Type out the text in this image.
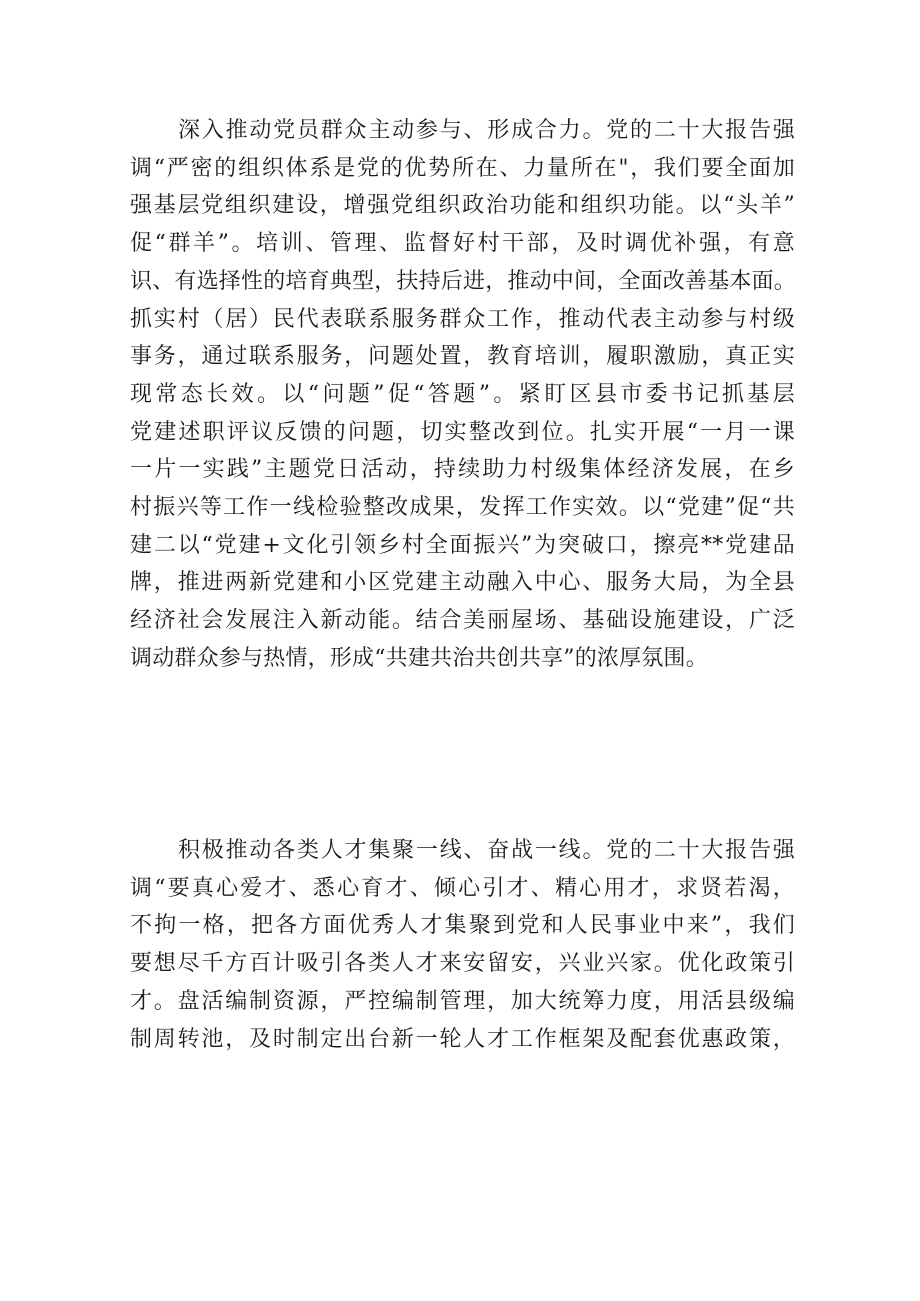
深入推动党员群众主动参与、形成合力。党的二十大报告强
调“严密的组织体系是党的优势所在、力量所在"，我们要全面加
强基层党组织建设，增强党组织政治功能和组织功能。以“头羊”
促“群羊”。培训、管理、监督好村干部，及时调优补强，有意
识、有选择性的培育典型，扶持后进，推动中间，全面改善基本面。
抓实村（居）民代表联系服务群众工作，推动代表主动参与村级
事务，通过联系服务，问题处置，教育培训，履职激励，真正实
现常态长效。以“问题”促“答题”。紧盯区县市委书记抓基层
党建述职评议反馈的问题，切实整改到位。扎实开展“一月一课
一片一实践”主题党日活动，持续助力村级集体经济发展，在乡
村振兴等工作一线检验整改成果，发挥工作实效。以“党建”促“共
建二以“党建+文化引领乡村全面振兴”为突破口，擦亮**党建品
牌，推进两新党建和小区党建主动融入中心、服务大局，为全县
经济社会发展注入新动能。结合美丽屋场、基础设施建设，广泛
调动群众参与热情，形成“共建共治共创共享”的浓厚氛围。

积极推动各类人才集聚一线、奋战一线。党的二十大报告强
调“要真心爱才、悉心育才、倾心引才、精心用才，求贤若渴，
不拘一格，把各方面优秀人才集聚到党和人民事业中来”，我们
要想尽千方百计吸引各类人才来安留安，兴业兴家。优化政策引
才。盘活编制资源，严控编制管理，加大统筹力度，用活县级编
制周转池，及时制定出台新一轮人才工作框架及配套优惠政策，
